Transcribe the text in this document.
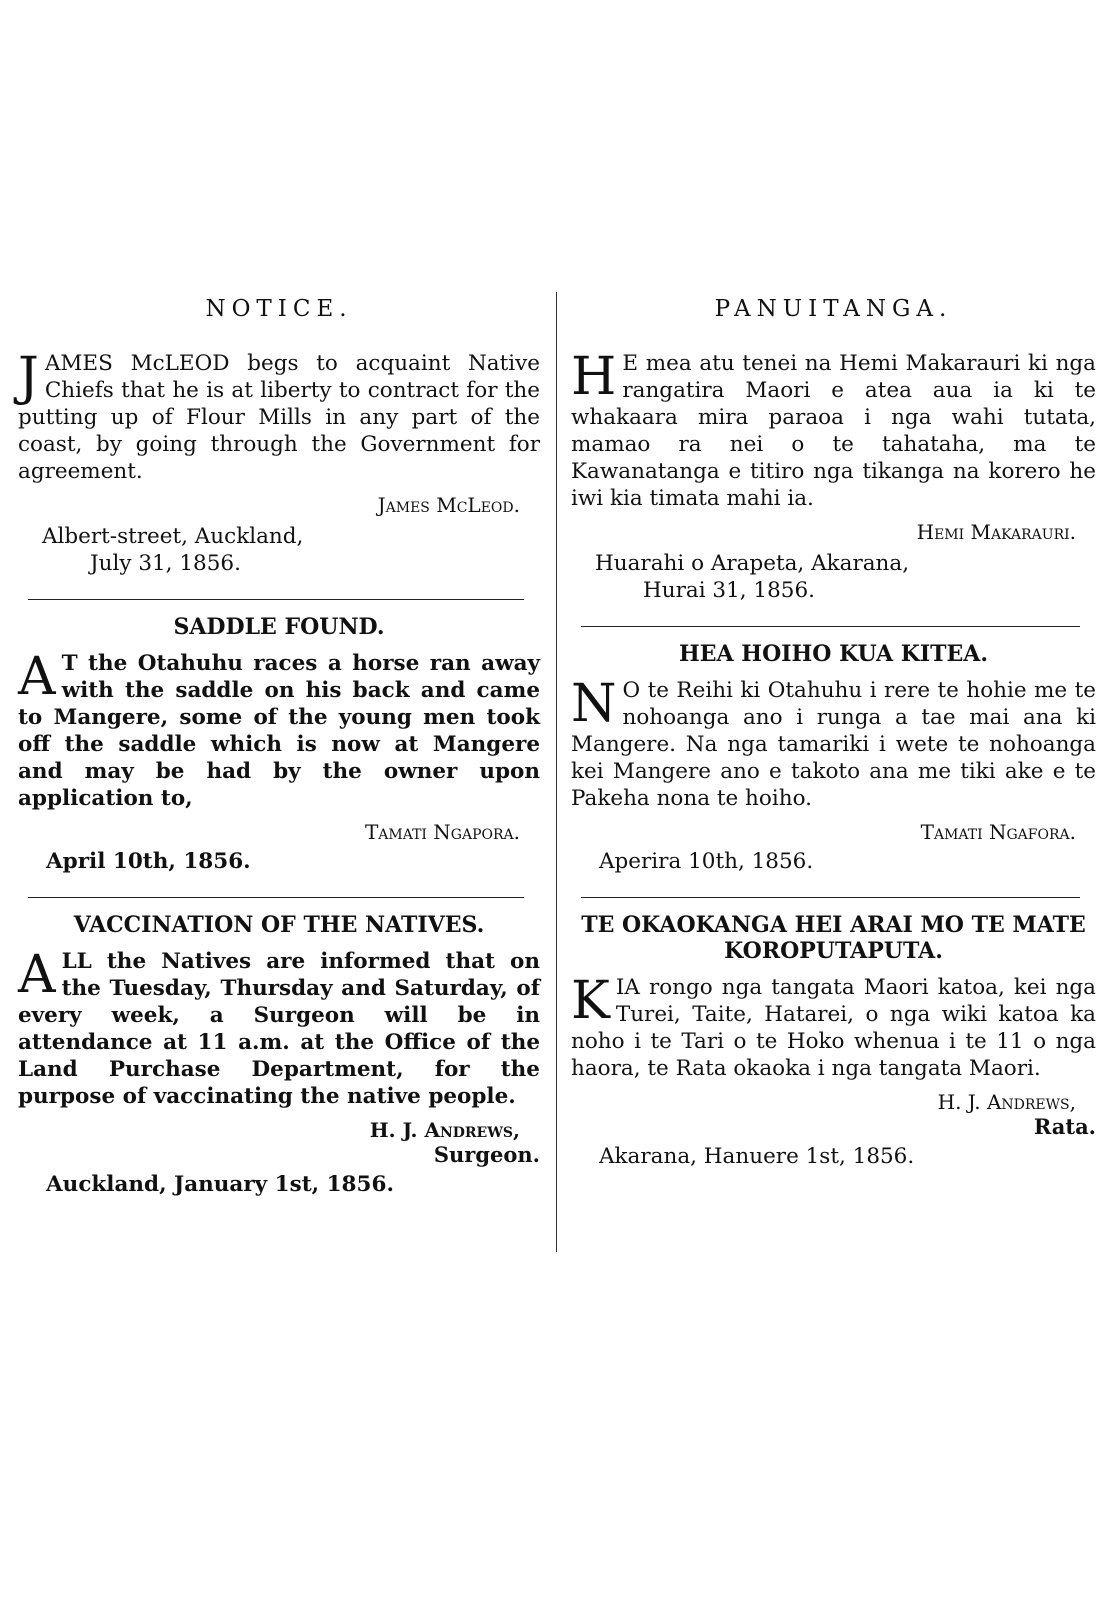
NOTICE.

JAMES McLEOD begs to acquaint Native Chiefs that he is at liberty to contract for the putting up of Flour Mills in any part of the coast, by going through the Government for agreement.

James McLeod.
Albert-street, Auckland,
July 31, 1856.
SADDLE FOUND.

A T the Otahuhu races a horse ran away with the saddle on his back and came to Mangere, some of the young men took off the saddle which is now at Mangere and may be had by the owner upon application to,

Tamati Ngapora.
April 10th, 1856.
VACCINATION OF THE NATIVES.

ALL the Natives are informed that on the Tuesday, Thursday and Saturday, of every week, a Surgeon will be in attendance at 11 a.m. at the Office of the Land Purchase Department, for the purpose of vaccinating the native people.

H. J. Andrews,
Surgeon.
Auckland, January 1st, 1856.
PANUITANGA.

H E mea atu tenei na Hemi Makarauri ki nga rangatira Maori e atea aua ia ki te whakaara mira paraoa i nga wahi tutata, mamao ra nei o te tahataha, ma te Kawanatanga e titiro nga tikanga na korero he iwi kia timata mahi ia.

Hemi Makarauri.
Huarahi o Arapeta, Akarana,
Hurai 31, 1856.
HEA HOIHO KUA KITEA.

N O te Reihi ki Otahuhu i rere te hohie me te nohoanga ano i runga a tae mai ana ki Mangere. Na nga tamariki i wete te nohoanga kei Mangere ano e takoto ana me tiki ake e te Pakeha nona te hoiho.

Tamati Ngafora.
Aperira 10th, 1856.
TE OKAOKANGA HEI ARAI MO TE MATE KOROPUTAPUTA.

KIA rongo nga tangata Maori katoa, kei nga Turei, Taite, Hatarei, o nga wiki katoa ka noho i te Tari o te Hoko whenua i te 11 o nga haora, te Rata okaoka i nga tangata Maori.

H. J. Andrews,
Rata.
Akarana, Hanuere 1st, 1856.
